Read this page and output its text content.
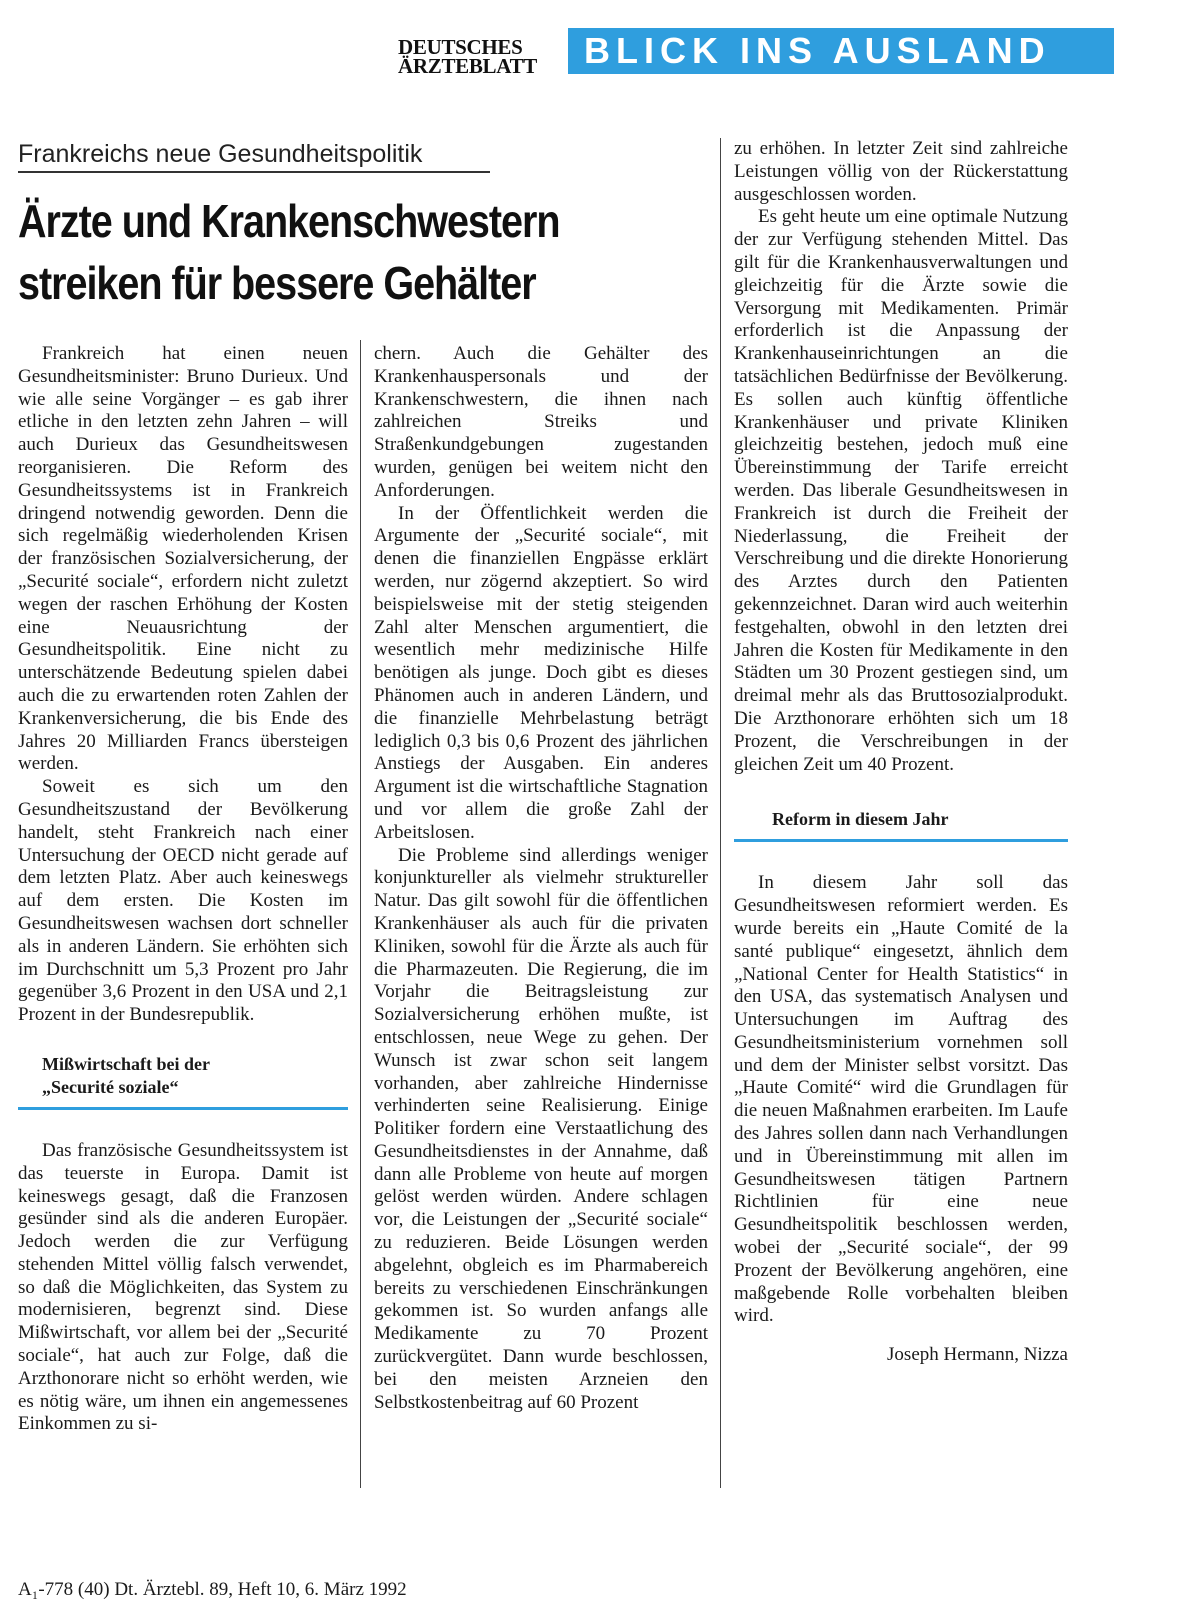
DEUTSCHES
ÄRZTEBLATT	BLICK INS AUSLAND
Frankreichs neue Gesundheitspolitik
Ärzte und Krankenschwestern
streiken für bessere Gehälter

Frankreich hat einen neuen Gesundheitsminister: Bruno Durieux. Und wie alle seine Vorgänger – es gab ihrer etliche in den letzten zehn Jahren – will auch Durieux das Gesundheitswesen reorganisieren. Die Reform des Gesundheitssystems ist in Frankreich dringend notwendig geworden. Denn die sich regelmäßig wiederholenden Krisen der französischen Sozialversicherung, der „Securité sociale“, erfordern nicht zuletzt wegen der raschen Erhöhung der Kosten eine Neuausrichtung der Gesundheitspolitik. Eine nicht zu unterschätzende Bedeutung spielen dabei auch die zu erwartenden roten Zahlen der Krankenversicherung, die bis Ende des Jahres 20 Milliarden Francs übersteigen werden.

Soweit es sich um den Gesundheitszustand der Bevölkerung handelt, steht Frankreich nach einer Untersuchung der OECD nicht gerade auf dem letzten Platz. Aber auch keineswegs auf dem ersten. Die Kosten im Gesundheitswesen wachsen dort schneller als in anderen Ländern. Sie erhöhten sich im Durchschnitt um 5,3 Prozent pro Jahr gegenüber 3,6 Prozent in den USA und 2,1 Prozent in der Bundesrepublik.

Mißwirtschaft bei der
„Securité soziale“

Das französische Gesundheitssystem ist das teuerste in Europa. Damit ist keineswegs gesagt, daß die Franzosen gesünder sind als die anderen Europäer. Jedoch werden die zur Verfügung stehenden Mittel völlig falsch verwendet, so daß die Möglichkeiten, das System zu modernisieren, begrenzt sind. Diese Mißwirtschaft, vor allem bei der „Securité sociale“, hat auch zur Folge, daß die Arzthonorare nicht so erhöht werden, wie es nötig wäre, um ihnen ein angemessenes Einkommen zu si-

chern. Auch die Gehälter des Krankenhauspersonals und der Krankenschwestern, die ihnen nach zahlreichen Streiks und Straßenkundgebungen zugestanden wurden, genügen bei weitem nicht den Anforderungen.

In der Öffentlichkeit werden die Argumente der „Securité sociale“, mit denen die finanziellen Engpässe erklärt werden, nur zögernd akzeptiert. So wird beispielsweise mit der stetig steigenden Zahl alter Menschen argumentiert, die wesentlich mehr medizinische Hilfe benötigen als junge. Doch gibt es dieses Phänomen auch in anderen Ländern, und die finanzielle Mehrbelastung beträgt lediglich 0,3 bis 0,6 Prozent des jährlichen Anstiegs der Ausgaben. Ein anderes Argument ist die wirtschaftliche Stagnation und vor allem die große Zahl der Arbeitslosen.

Die Probleme sind allerdings weniger konjunktureller als vielmehr struktureller Natur. Das gilt sowohl für die öffentlichen Krankenhäuser als auch für die privaten Kliniken, sowohl für die Ärzte als auch für die Pharmazeuten. Die Regierung, die im Vorjahr die Beitragsleistung zur Sozialversicherung erhöhen mußte, ist entschlossen, neue Wege zu gehen. Der Wunsch ist zwar schon seit langem vorhanden, aber zahlreiche Hindernisse verhinderten seine Realisierung. Einige Politiker fordern eine Verstaatlichung des Gesundheitsdienstes in der Annahme, daß dann alle Probleme von heute auf morgen gelöst werden würden. Andere schlagen vor, die Leistungen der „Securité sociale“ zu reduzieren. Beide Lösungen werden abgelehnt, obgleich es im Pharmabereich bereits zu verschiedenen Einschränkungen gekommen ist. So wurden anfangs alle Medikamente zu 70 Prozent zurückvergütet. Dann wurde beschlossen, bei den meisten Arzneien den Selbstkostenbeitrag auf 60 Prozent

zu erhöhen. In letzter Zeit sind zahlreiche Leistungen völlig von der Rückerstattung ausgeschlossen worden.

Es geht heute um eine optimale Nutzung der zur Verfügung stehenden Mittel. Das gilt für die Krankenhausverwaltungen und gleichzeitig für die Ärzte sowie die Versorgung mit Medikamenten. Primär erforderlich ist die Anpassung der Krankenhauseinrichtungen an die tatsächlichen Bedürfnisse der Bevölkerung. Es sollen auch künftig öffentliche Krankenhäuser und private Kliniken gleichzeitig bestehen, jedoch muß eine Übereinstimmung der Tarife erreicht werden. Das liberale Gesundheitswesen in Frankreich ist durch die Freiheit der Niederlassung, die Freiheit der Verschreibung und die direkte Honorierung des Arztes durch den Patienten gekennzeichnet. Daran wird auch weiterhin festgehalten, obwohl in den letzten drei Jahren die Kosten für Medikamente in den Städten um 30 Prozent gestiegen sind, um dreimal mehr als das Bruttosozialprodukt. Die Arzthonorare erhöhten sich um 18 Prozent, die Verschreibungen in der gleichen Zeit um 40 Prozent.

Reform in diesem Jahr

In diesem Jahr soll das Gesundheitswesen reformiert werden. Es wurde bereits ein „Haute Comité de la santé publique“ eingesetzt, ähnlich dem „National Center for Health Statistics“ in den USA, das systematisch Analysen und Untersuchungen im Auftrag des Gesundheitsministerium vornehmen soll und dem der Minister selbst vorsitzt. Das „Haute Comité“ wird die Grundlagen für die neuen Maßnahmen erarbeiten. Im Laufe des Jahres sollen dann nach Verhandlungen und in Übereinstimmung mit allen im Gesundheitswesen tätigen Partnern Richtlinien für eine neue Gesundheitspolitik beschlossen werden, wobei der „Securité sociale“, der 99 Prozent der Bevölkerung angehören, eine maßgebende Rolle vorbehalten bleiben wird.

Joseph Hermann, Nizza
A₁-778 (40) Dt. Ärztebl. 89, Heft 10, 6. März 1992
